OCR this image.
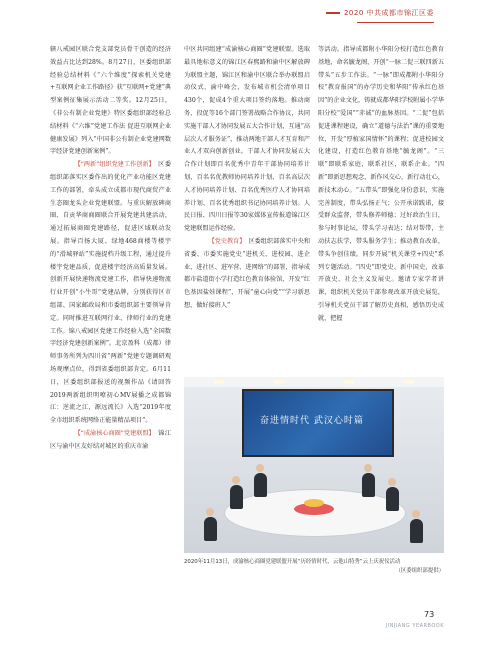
2020 中共成都市锦江区委

辖八戒园区联合党支部党员骨干创造的经济效益占比达到28%。8月27日，区委组织部经验总结材料《“六个维度”探索机关党建+互联网企业工作路径》获“互联网+党建”典型案例征集展示活动二等奖。12月25日，《非公有制企业党建》特区委组织部经验总结材料《“六维”党建工作法 促进互联网企业健康发展》列入“中国非公有制企业党建网数字经济党建创新案例”。

【“两新”组织党建工作创新】 区委组织部落实区委作出的优化产业功能区党建工作的部署，牵头成立成都市现代商贸产业生态圈龙头企业党建联盟。与重庆解放碑商圈、自贡华商商圈联合开展党建共建活动，通过拓展商圈党建路径，促进区域联动发展。指导百扬大厦、绿地468商楼等楼宇的“滑城驿站”实施提档升级工程，通过提升楼宇党建品质，促进楼宇经济高质量发展。创新开展快递物流党建工作，指导快递物流行业开创“小牛哥”党建品牌，分别获得区市组部、国家邮政局和市委组织部主要领导肯定。同时推进互联网行业、律师行业的党建工作。锦八戒园区党建工作经验入选“全国数字经济党建创新案例”。北京盈科（成都）律师事务所列为四川省“两新”党建专题调研观场观摩点位，得到省委组织部肯定。6月11日，区委组织部报送的视频作品《请回答2019两新组织明嘹初心MV展播之成都锦江：逆流之江，源远流长》入选“2019年度全市组织系统网络正能量精品项目”。

【“成渝核心商圈”党建联盟】 锦江区与渝中区友好结对城区的重庆市渝

中区共同组建“成渝核心商圈”党建联盟。选取最具地标意义的锦江区春熙路和渝中区解放碑为联盟主题，锦江区和渝中区联合举办联盟启动仪式、渝中峰会，发布城市机会清单项目430个，促成4个重大项目签约落地。推动商务、投促等16个部门签署战略合作协议，共同实施干部人才协同发展五大合作计划，互通“高层次人才服务证”，推动两地干部人才互育和产业人才双向创新创业。干部人才协同发展五大合作计划即百名优秀中青年干部协同培养计划、百名名优教师协同培养计划、百名高层次人才协同培养计划、百名优秀医疗人才协同培养计划、百名优秀组织书记协同培养计划。人民日报、四川日报等30家媒体宣传报道锦江区党建联盟运作经验。

【党史教育】 区委组织部落实中央和省委、市委实施党史“进机关、进校园、进企业、进社区、进军营、进网络”的部署，指导成都市盐道街小学打造红色教育体验馆，开发“红色基因盐娃课程”，开展“童心向党”“学习新思想，做好接班人”

等活动。指导成都附小华阳分校打造红色教育基地，命名毓龙阁，开创“一脉二促三联四新五带头”五步工作法。“一脉”即成都附小华阳分校“教育报国”的办学历史和华阳“传承红色基因”的企业文化，铸就成都华阳学校附属小学华阳分校“爱国”“赤诚”的血脉基因。“二促”包括促进课程建设，确立“道德与法治”课的重要地位，开发“厚植家国情怀”的课程；促进校园文化建设，打造红色教育基地“毓龙阁”。“三联”即联系家庭，联系社区，联系企业。“四新”即新思想观念，新作风交心，新行动壮心，新技术动心。“五带头”即强化身份意识，实施完善制度，带头弘扬正气；公开承诺践诺，接受群众监督，带头修养师德；过好政治生日，参与时事论坛，带头学习表达；结对帮带，主动扶志扶学，带头服务学生；推动教育改革，带头争创佳绩。同步开展“机关课堂+四史”系列专题活动。“四史”即党史、新中国史、改革开放史、社会主义发展史。邀请专家学者讲课，组织机关党员干部参观改革开放史展览，引导机关党员干部了解历史真相，感悟历史成就，把握

奋进情时代 武汉心时篇
2020年11月13日，成渝核心商圈党建联盟开展“历经情时代，云他山特秀”云上庆祝仪活动
（区委组织部提供）
73
JINJIANG YEARBOOK
